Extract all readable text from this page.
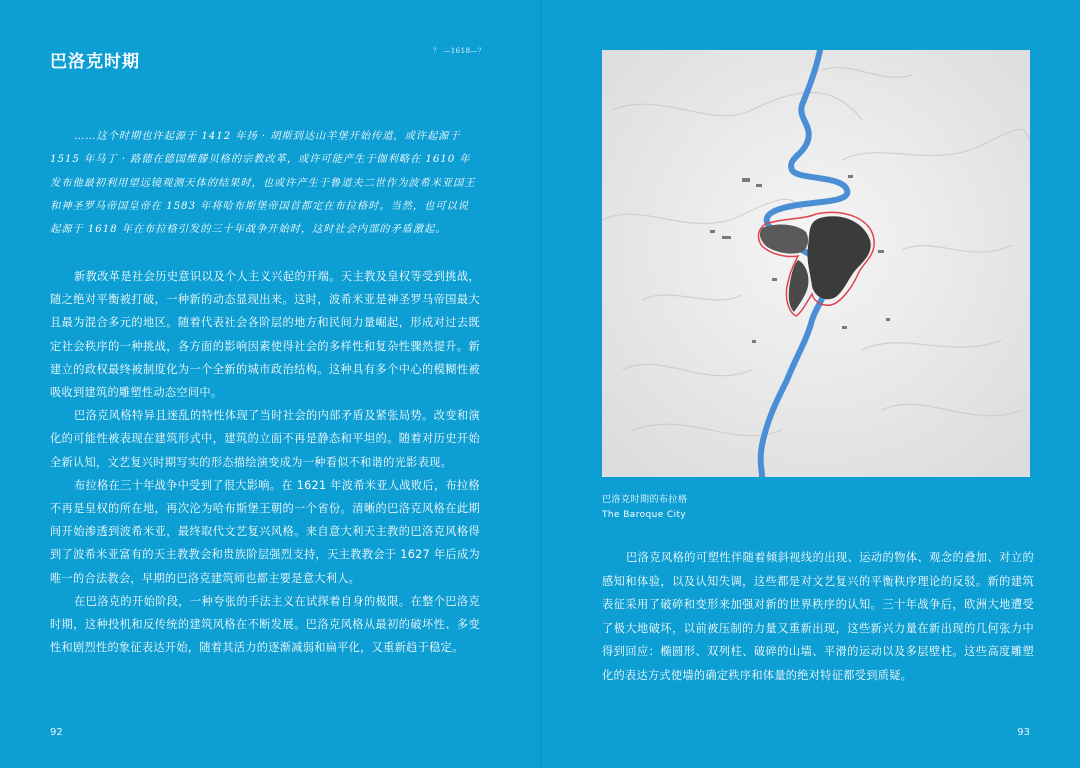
巴洛克时期
？ —1618—？

……这个时期也许起源于 1412 年扬 · 胡斯到达山羊堡开始传道，或许起源于 1515 年马丁 · 路德在德国维滕贝格的宗教改革，或许可能产生于伽利略在 1610 年发布他最初利用望远镜观测天体的结果时，也或许产生于鲁道夫二世作为波希米亚国王和神圣罗马帝国皇帝在 1583 年将哈布斯堡帝国首都定在布拉格时。当然，也可以说起源于 1618 年在布拉格引发的三十年战争开始时，这时社会内部的矛盾激起。

新教改革是社会历史意识以及个人主义兴起的开端。天主教及皇权等受到挑战，随之绝对平衡被打破，一种新的动态显现出来。这时，波希米亚是神圣罗马帝国最大且最为混合多元的地区。随着代表社会各阶层的地方和民间力量崛起，形成对过去既定社会秩序的一种挑战，各方面的影响因素使得社会的多样性和复杂性骤然提升。新建立的政权最终被制度化为一个全新的城市政治结构。这种具有多个中心的模糊性被吸收到建筑的雕塑性动态空间中。

巴洛克风格特异且迷乱的特性体现了当时社会的内部矛盾及紧张局势。改变和演化的可能性被表现在建筑形式中，建筑的立面不再是静态和平坦的。随着对历史开始全新认知，文艺复兴时期写实的形态描绘演变成为一种看似不和谐的光影表现。

布拉格在三十年战争中受到了很大影响。在 1621 年波希米亚人战败后，布拉格不再是皇权的所在地，再次沦为哈布斯堡王朝的一个省份。清晰的巴洛克风格在此期间开始渗透到波希米亚，最终取代文艺复兴风格。来自意大利天主教的巴洛克风格得到了波希米亚富有的天主教教会和贵族阶层强烈支持，天主教教会于 1627 年后成为唯一的合法教会，早期的巴洛克建筑师也都主要是意大利人。

在巴洛克的开始阶段，一种夸张的手法主义在试探着自身的极限。在整个巴洛克时期，这种投机和反传统的建筑风格在不断发展。巴洛克风格从最初的破坏性、多变性和剧烈性的象征表达开始，随着其活力的逐渐减弱和扁平化，又重新趋于稳定。

92
巴洛克时期的布拉格
The Baroque City

巴洛克风格的可塑性伴随着倾斜视线的出现、运动的物体、观念的叠加、对立的感知和体验，以及认知失调，这些都是对文艺复兴的平衡秩序理论的反驳。新的建筑表征采用了破碎和变形来加强对新的世界秩序的认知。三十年战争后，欧洲大地遭受了极大地破坏，以前被压制的力量又重新出现，这些新兴力量在新出现的几何张力中得到回应：椭圆形、双列柱、破碎的山墙、平滑的运动以及多层壁柱。这些高度雕塑化的表达方式使墙的确定秩序和体量的绝对特征都受到质疑。

93
